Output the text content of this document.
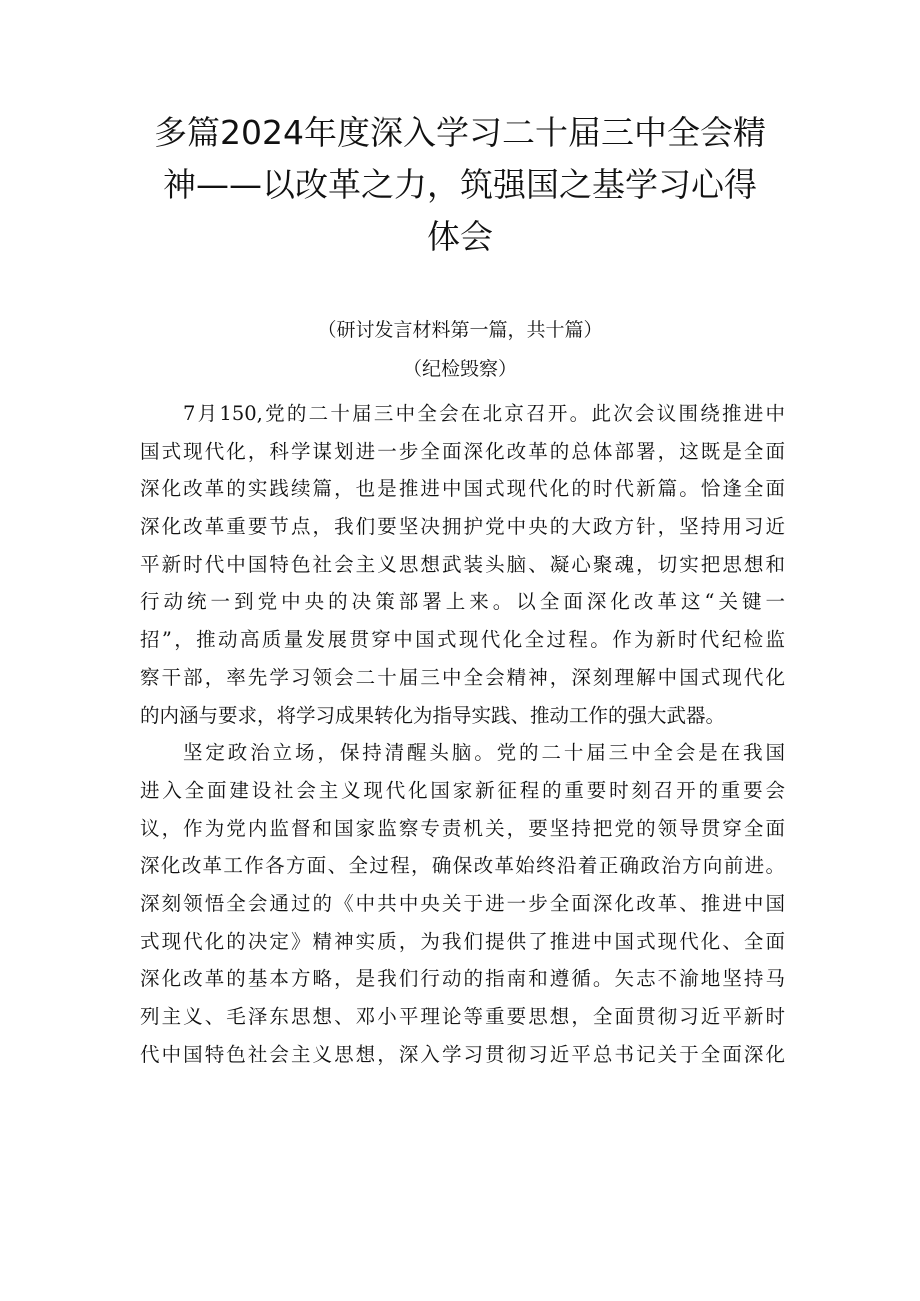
多篇2024年度深入学习二十届三中全会精
神——以改革之力，筑强国之基学习心得
体会
（研讨发言材料第一篇，共十篇）
（纪检毁察）

7月150,党的二十届三中全会在北京召开。此次会议围绕推进中
国式现代化，科学谋划进一步全面深化改革的总体部署，这既是全面
深化改革的实践续篇，也是推进中国式现代化的时代新篇。恰逢全面
深化改革重要节点，我们要坚决拥护党中央的大政方针，坚持用习近
平新时代中国特色社会主义思想武装头脑、凝心聚魂，切实把思想和
行动统一到党中央的决策部署上来。以全面深化改革这“关键一
招”，推动高质量发展贯穿中国式现代化全过程。作为新时代纪检监
察干部，率先学习领会二十届三中全会精神，深刻理解中国式现代化
的内涵与要求，将学习成果转化为指导实践、推动工作的强大武器。

坚定政治立场，保持清醒头脑。党的二十届三中全会是在我国
进入全面建设社会主义现代化国家新征程的重要时刻召开的重要会
议，作为党内监督和国家监察专责机关，要坚持把党的领导贯穿全面
深化改革工作各方面、全过程，确保改革始终沿着正确政治方向前进。
深刻领悟全会通过的《中共中央关于进一步全面深化改革、推进中国
式现代化的决定》精神实质，为我们提供了推进中国式现代化、全面
深化改革的基本方略，是我们行动的指南和遵循。矢志不渝地坚持马
列主义、毛泽东思想、邓小平理论等重要思想，全面贯彻习近平新时
代中国特色社会主义思想，深入学习贯彻习近平总书记关于全面深化
